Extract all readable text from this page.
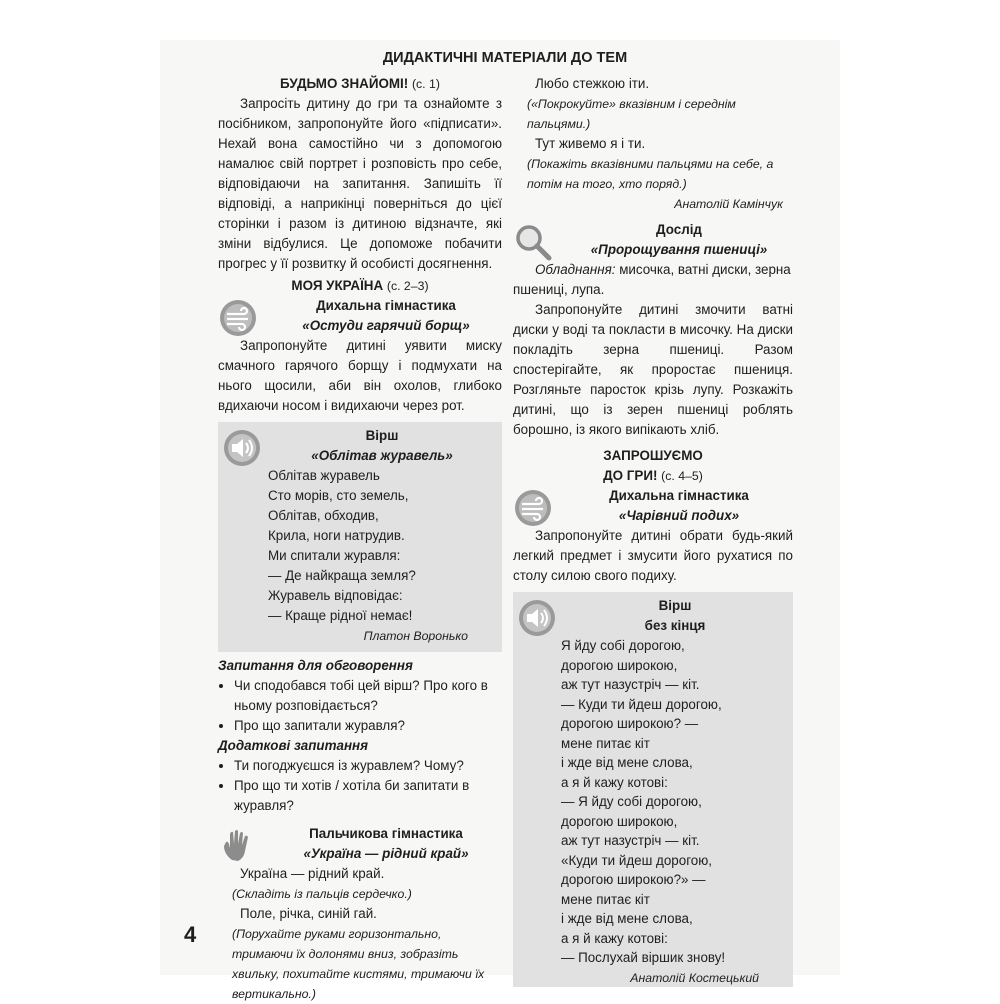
ДИДАКТИЧНІ МАТЕРІАЛИ ДО ТЕМ

БУДЬМО ЗНАЙОМІ! (с. 1)

Запросіть дитину до гри та ознайомте з посібником, запропонуйте його «підписати». Нехай вона самостійно чи з допомогою намалює свій портрет і розповість про себе, відповідаючи на запитання. Запишіть її відповіді, а наприкінці поверніться до цієї сторінки і разом із дитиною відзначте, які зміни відбулися. Це допоможе побачити прогрес у її розвитку й особисті досягнення.

МОЯ УКРАЇНА (с. 2–3)

Дихальна гімнастика

«Остуди гарячий борщ»

Запропонуйте дитині уявити миску смачного гарячого борщу і подмухати на нього щосили, аби він охолов, глибоко вдихаючи носом і видихаючи через рот.

Вірш

«Облітав журавель»

Облітав журавель

Сто морів, сто земель,

Облітав, обходив,

Крила, ноги натрудив.

Ми спитали журавля:

— Де найкраща земля?

Журавель відповідає:

— Краще рідної немає!

Платон Воронько

Запитання для обговорення

• Чи сподобався тобі цей вірш? Про кого в ньому розповідається?
• Про що запитали журавля?

Додаткові запитання

• Ти погоджуєшся із журавлем? Чому?
• Про що ти хотів / хотіла би запитати в журавля?

Пальчикова гімнастика

«Україна — рідний край»

Україна — рідний край.

(Складіть із пальців сердечко.)

Поле, річка, синій гай.

(Порухайте руками горизонтально, тримаючи їх долонями вниз, зобразіть хвильку, похитайте кистями, тримаючи їх вертикально.)

Любо стежкою іти.

(«Покрокуйте» вказівним і середнім пальцями.)

Тут живемо я і ти.

(Покажіть вказівними пальцями на себе, а потім на того, хто поряд.)

Анатолій Камінчук

Дослід

«Пророщування пшениці»

Обладнання: мисочка, ватні диски, зерна пшениці, лупа.

Запропонуйте дитині змочити ватні диски у воді та покласти в мисочку. На диски покладіть зерна пшениці. Разом спостерігайте, як проростає пшениця. Розгляньте паросток крізь лупу. Розкажіть дитині, що із зерен пшениці роблять борошно, із якого випікають хліб.

ЗАПРОШУЄМО

ДО ГРИ! (с. 4–5)

Дихальна гімнастика

«Чарівний подих»

Запропонуйте дитині обрати будь-який легкий предмет і змусити його рухатися по столу силою свого подиху.

Вірш

без кінця

Я йду собі дорогою,

дорогою широкою,

аж тут назустріч — кіт.

— Куди ти йдеш дорогою,

дорогою широкою? —

мене питає кіт

і жде від мене слова,

а я й кажу котові:

— Я йду собі дорогою,

дорогою широкою,

аж тут назустріч — кіт.

«Куди ти йдеш дорогою,

дорогою широкою?» —

мене питає кіт

і жде від мене слова,

а я й кажу котові:

— Послухай віршик знову!

Анатолій Костецький

4
